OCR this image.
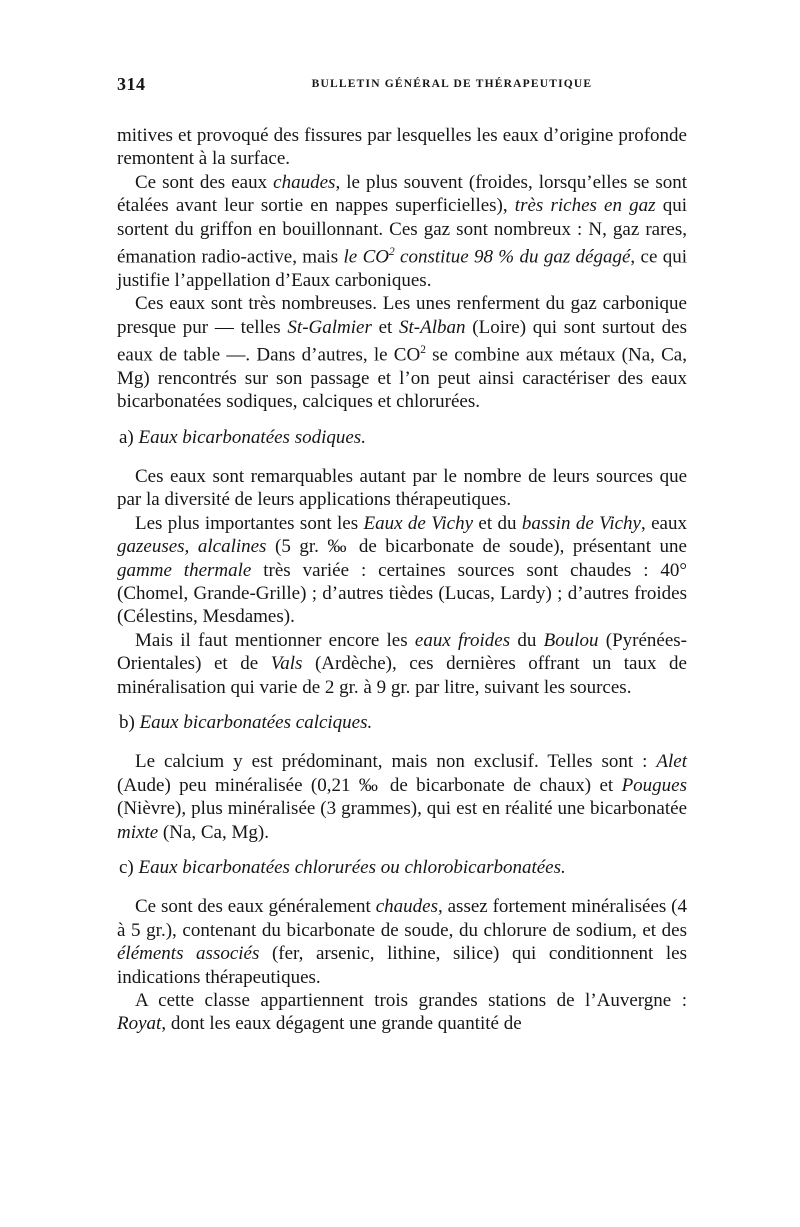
314	BULLETIN GÉNÉRAL DE THÉRAPEUTIQUE

mitives et provoqué des fissures par lesquelles les eaux d’origine profonde remontent à la surface.

Ce sont des eaux chaudes, le plus souvent (froides, lorsqu’elles se sont étalées avant leur sortie en nappes superficielles), très riches en gaz qui sortent du griffon en bouillonnant. Ces gaz sont nombreux : N, gaz rares, émanation radio-active, mais le $CO^2$ constitue 98 % du gaz dégagé, ce qui justifie l’appellation d’Eaux carboniques.

Ces eaux sont très nombreuses. Les unes renferment du gaz carbonique presque pur — telles St-Galmier et St-Alban (Loire) qui sont surtout des eaux de table —. Dans d’autres, le $CO^2$ se combine aux métaux (Na, Ca, Mg) rencontrés sur son passage et l’on peut ainsi caractériser des eaux bicarbonatées sodiques, calciques et chlorurées.

a) Eaux bicarbonatées sodiques.

Ces eaux sont remarquables autant par le nombre de leurs sources que par la diversité de leurs applications thérapeutiques.

Les plus importantes sont les Eaux de Vichy et du bassin de Vichy, eaux gazeuses, alcalines (5 gr. ‰ de bicarbonate de soude), présentant une gamme thermale très variée : certaines sources sont chaudes : 40° (Chomel, Grande-Grille) ; d’autres tièdes (Lucas, Lardy) ; d’autres froides (Célestins, Mesdames).

Mais il faut mentionner encore les eaux froides du Boulou (Pyrénées-Orientales) et de Vals (Ardèche), ces dernières offrant un taux de minéralisation qui varie de 2 gr. à 9 gr. par litre, suivant les sources.

b) Eaux bicarbonatées calciques.

Le calcium y est prédominant, mais non exclusif. Telles sont : Alet (Aude) peu minéralisée (0,21 ‰ de bicarbonate de chaux) et Pougues (Nièvre), plus minéralisée (3 grammes), qui est en réalité une bicarbonatée mixte (Na, Ca, Mg).

c) Eaux bicarbonatées chlorurées ou chlorobicarbonatées.

Ce sont des eaux généralement chaudes, assez fortement minéralisées (4 à 5 gr.), contenant du bicarbonate de soude, du chlorure de sodium, et des éléments associés (fer, arsenic, lithine, silice) qui conditionnent les indications thérapeutiques.

A cette classe appartiennent trois grandes stations de l’Auvergne : Royat, dont les eaux dégagent une grande quantité de
